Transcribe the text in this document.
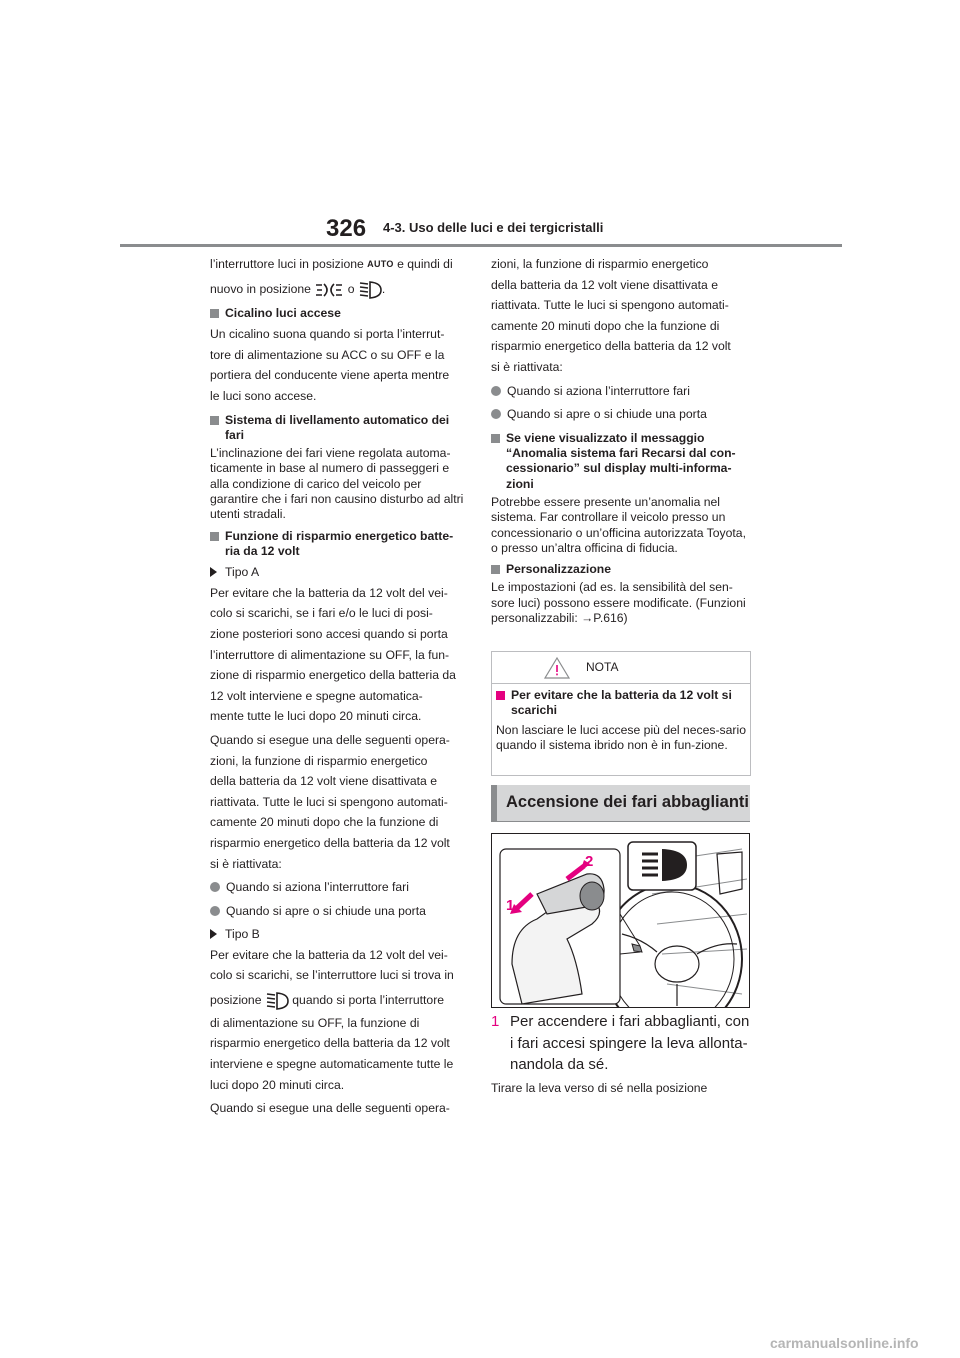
326 4-3. Uso delle luci e dei tergicristalli

l’interruttore luci in posizione AUTO e quindi di

nuovo in posizione	o .

Cicalino luci accese

Un cicalino suona quando si porta l’interrut-

tore di alimentazione su ACC o su OFF e la

portiera del conducente viene aperta mentre

le luci sono accese.

Sistema di livellamento automatico dei fari

L’inclinazione dei fari viene regolata automa-ticamente in base al numero di passeggeri e alla condizione di carico del veicolo per garantire che i fari non causino disturbo ad altri utenti stradali.

Funzione di risparmio energetico batte-ria da 12 volt
Tipo A

Per evitare che la batteria da 12 volt del vei-

colo si scarichi, se i fari e/o le luci di posi-

zione posteriori sono accesi quando si porta

l’interruttore di alimentazione su OFF, la fun-

zione di risparmio energetico della batteria da

12 volt interviene e spegne automatica-

mente tutte le luci dopo 20 minuti circa.

Quando si esegue una delle seguenti opera-

zioni, la funzione di risparmio energetico

della batteria da 12 volt viene disattivata e

riattivata. Tutte le luci si spengono automati-

camente 20 minuti dopo che la funzione di

risparmio energetico della batteria da 12 volt

si è riattivata:

Quando si aziona l’interruttore fari
Quando si apre o si chiude una porta
Tipo B

Per evitare che la batteria da 12 volt del vei-

colo si scarichi, se l’interruttore luci si trova in

posizione	quando si porta l’interruttore

di alimentazione su OFF, la funzione di

risparmio energetico della batteria da 12 volt

interviene e spegne automaticamente tutte le

luci dopo 20 minuti circa.

Quando si esegue una delle seguenti opera-

zioni, la funzione di risparmio energetico

della batteria da 12 volt viene disattivata e

riattivata. Tutte le luci si spengono automati-

camente 20 minuti dopo che la funzione di

risparmio energetico della batteria da 12 volt

si è riattivata:

Quando si aziona l’interruttore fari
Quando si apre o si chiude una porta
Se viene visualizzato il messaggio “Anomalia sistema fari Recarsi dal con-cessionario” sul display multi-informa-zioni

Potrebbe essere presente un’anomalia nel sistema. Far controllare il veicolo presso un concessionario o un’officina autorizzata Toyota, o presso un’altra officina di fiducia.

Personalizzazione

Le impostazioni (ad es. la sensibilità del sen-sore luci) possono essere modificate. (Funzioni personalizzabili: →P.616)

NOTA
Per evitare che la batteria da 12 volt si scarichi

Non lasciare le luci accese più del neces-sario quando il sistema ibrido non è in fun-zione.

Accensione dei fari abbaglianti
2
1
1 Per accendere i fari abbaglianti, con i fari accesi spingere la leva allonta-nandola da sé.
Tirare la leva verso di sé nella posizione
carmanualsonline.info
